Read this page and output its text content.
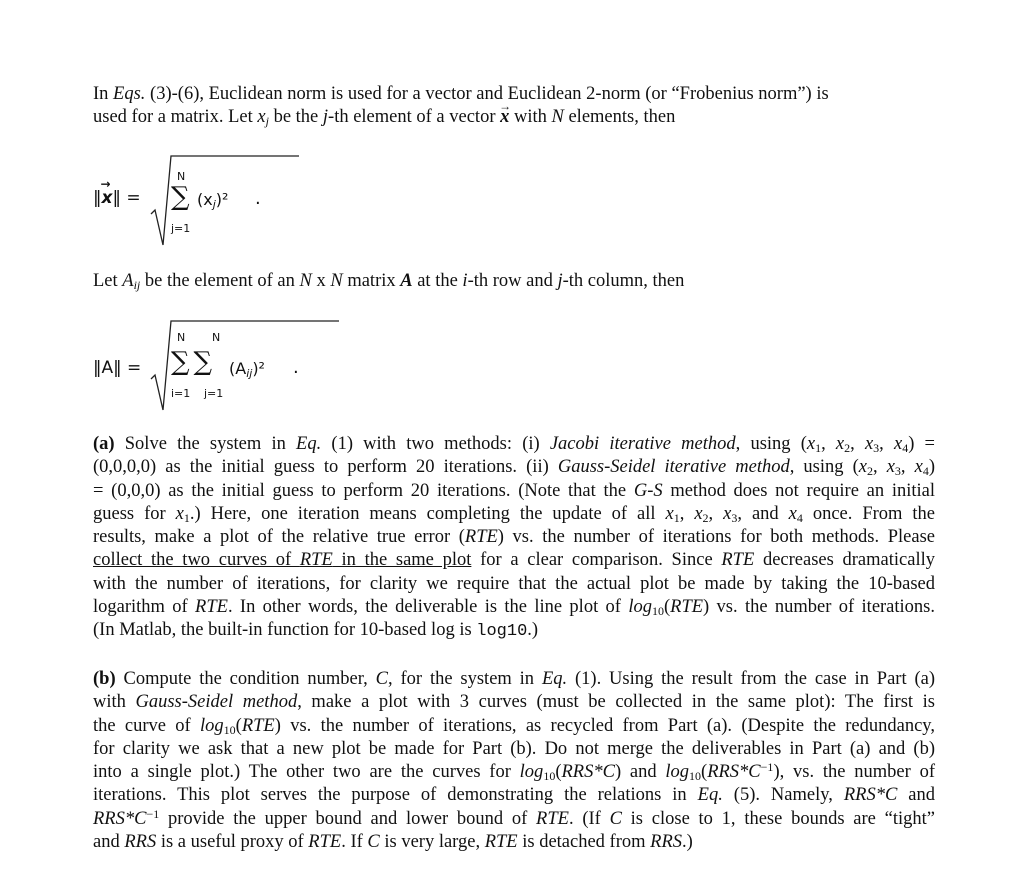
In Eqs. (3)-(6), Euclidean norm is used for a vector and Euclidean 2-norm (or “Frobenius norm”) is
used for a matrix. Let $x_j$ be the j-th element of a vector → x with N elements, then
‖→ x‖ =
N
∑
j=1
$(x_j)^2$ .
Let $A_{ij}$ be the element of an N x N matrix A at the i-th row and j-th column, then
‖A‖ =
N N
∑∑
i=1 j=1
$(A_{ij})^2$ .
(a) Solve the system in Eq. (1) with two methods: (i) Jacobi iterative method, using ($x_1$, $x_2$, $x_3$, $x_4$) =
(0,0,0,0) as the initial guess to perform 20 iterations. (ii) Gauss-Seidel iterative method, using ($x_2$, $x_3$, $x_4$)
= (0,0,0) as the initial guess to perform 20 iterations. (Note that the G-S method does not require an initial
guess for $x_1$.) Here, one iteration means completing the update of all $x_1$, $x_2$, $x_3$, and $x_4$ once. From the
results, make a plot of the relative true error (RTE) vs. the number of iterations for both methods. Please
collect the two curves of RTE in the same plot for a clear comparison. Since RTE decreases dramatically
with the number of iterations, for clarity we require that the actual plot be made by taking the 10-based
logarithm of RTE. In other words, the deliverable is the line plot of $\log_{10}(RTE)$ vs. the number of iterations.
(In Matlab, the built-in function for 10-based log is log10.)
(b) Compute the condition number, C, for the system in Eq. (1). Using the result from the case in Part (a)
with Gauss-Seidel method, make a plot with 3 curves (must be collected in the same plot): The first is
the curve of $\log_{10}(RTE)$ vs. the number of iterations, as recycled from Part (a). (Despite the redundancy,
for clarity we ask that a new plot be made for Part (b). Do not merge the deliverables in Part (a) and (b)
into a single plot.) The other two are the curves for $\log_{10}(RRS*C)$ and $\log_{10}(RRS*C^{-1})$, vs. the number of
iterations. This plot serves the purpose of demonstrating the relations in Eq. (5). Namely, RRS*C and
$RRS*C^{-1}$ provide the upper bound and lower bound of RTE. (If C is close to 1, these bounds are “tight”
and RRS is a useful proxy of RTE. If C is very large, RTE is detached from RRS.)
